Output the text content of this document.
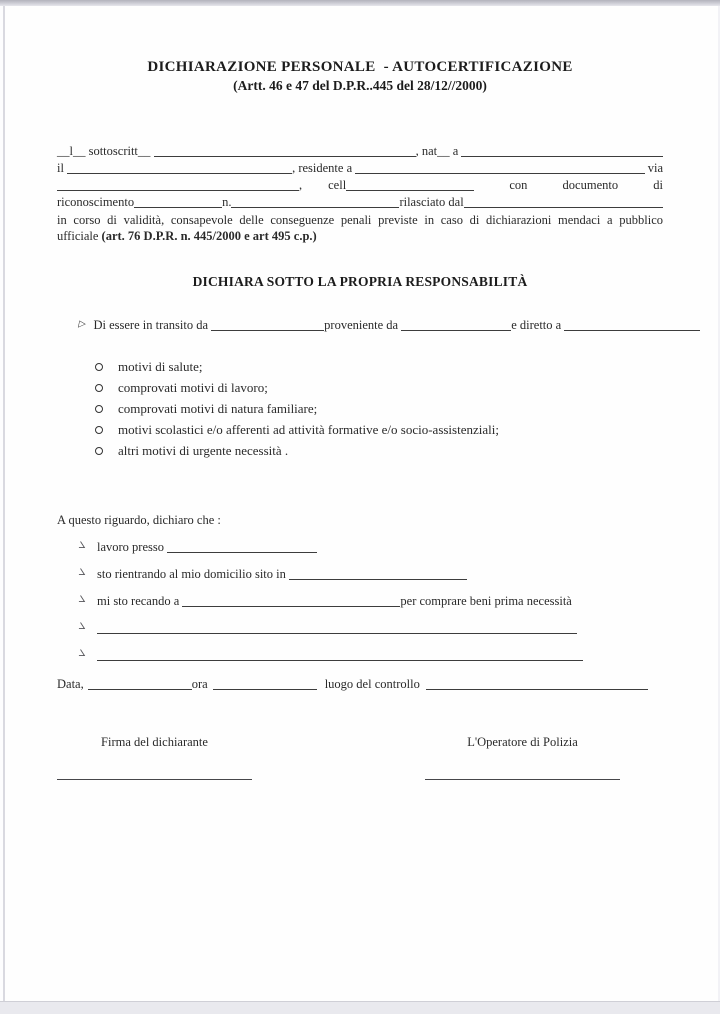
DICHIARAZIONE PERSONALE  - AUTOCERTIFICAZIONE
(Artt. 46 e 47 del D.P.R..445 del 28/12//2000)
__l__ sottoscritt__	, nat__ a
il	, residente a	via
, cell	con	documento	di
riconoscimento	n.	rilasciato dal
in corso di validità, consapevole delle conseguenze penali previste in caso di dichiarazioni mendaci a pubblico
ufficiale (art. 76 D.P.R. n. 445/2000 e art 495 c.p.)
DICHIARA SOTTO LA PROPRIA RESPONSABILITÀ
▷ Di essere in transito da	proveniente da	e diretto a
motivi di salute;
comprovati motivi di lavoro;
comprovati motivi di natura familiare;
motivi scolastici e/o afferenti ad attività formative e/o socio-assistenziali;
altri motivi di urgente necessità .
A questo riguardo, dichiaro che :
∠ lavoro presso
∠ sto rientrando al mio domicilio sito in
∠ mi sto recando a	per comprare beni prima necessità
∠
∠
Data,	ora	luogo del controllo
Firma del dichiarante	L'Operatore di Polizia
